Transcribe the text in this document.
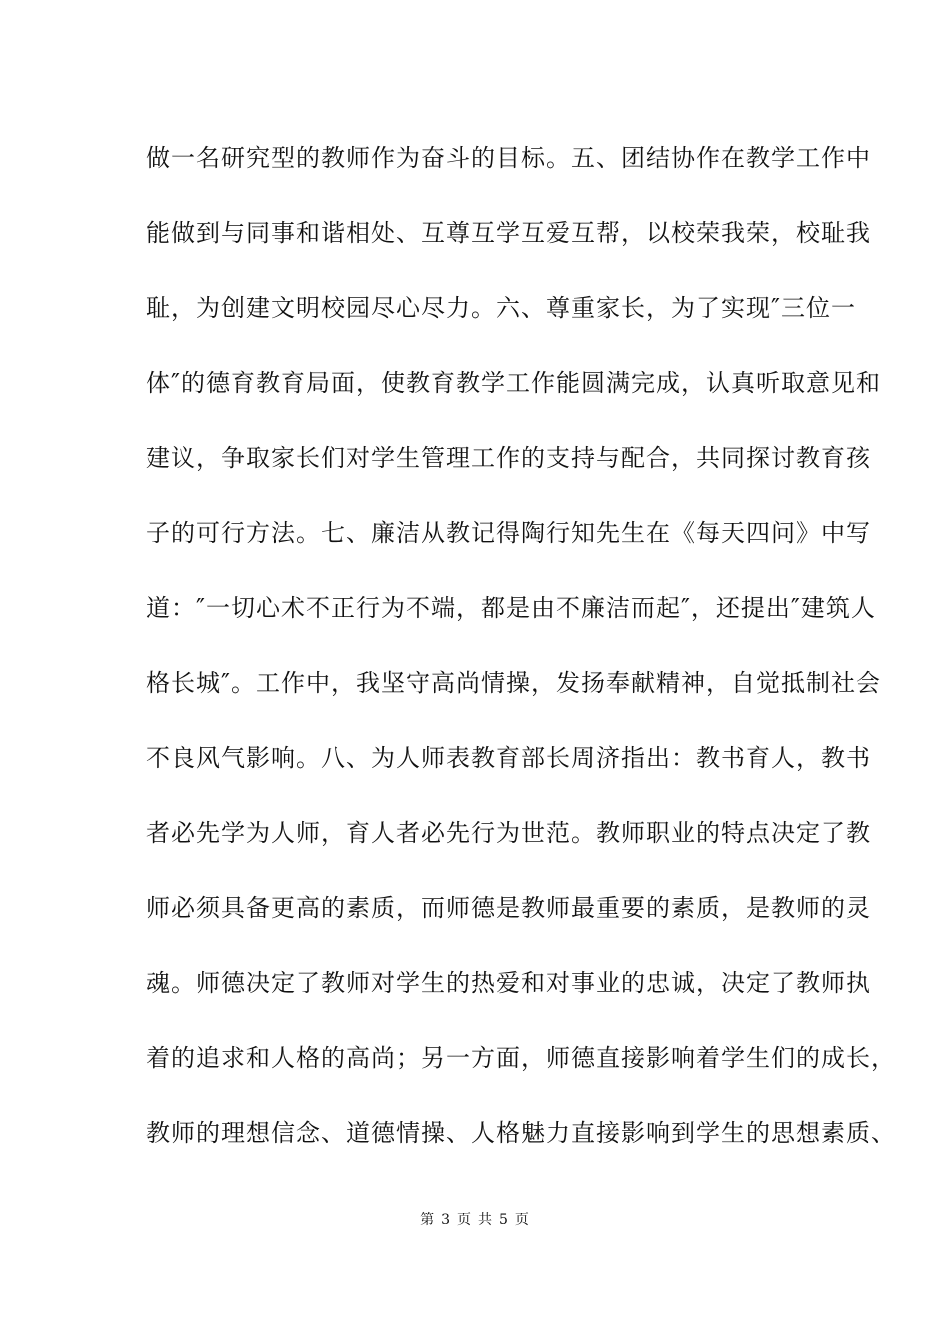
做一名研究型的教师作为奋斗的目标。五、团结协作在教学工作中
能做到与同事和谐相处、互尊互学互爱互帮，以校荣我荣，校耻我
耻，为创建文明校园尽心尽力。六、尊重家长，为了实现″三位一
体″的德育教育局面，使教育教学工作能圆满完成，认真听取意见和
建议，争取家长们对学生管理工作的支持与配合，共同探讨教育孩
子的可行方法。七、廉洁从教记得陶行知先生在《每天四问》中写
道：″一切心术不正行为不端，都是由不廉洁而起″，还提出″建筑人
格长城″。工作中，我坚守高尚情操，发扬奉献精神，自觉抵制社会
不良风气影响。八、为人师表教育部长周济指出：教书育人，教书
者必先学为人师，育人者必先行为世范。教师职业的特点决定了教
师必须具备更高的素质，而师德是教师最重要的素质，是教师的灵
魂。师德决定了教师对学生的热爱和对事业的忠诚，决定了教师执
着的追求和人格的高尚；另一方面，师德直接影响着学生们的成长，
教师的理想信念、道德情操、人格魅力直接影响到学生的思想素质、
第 3 页 共 5 页
